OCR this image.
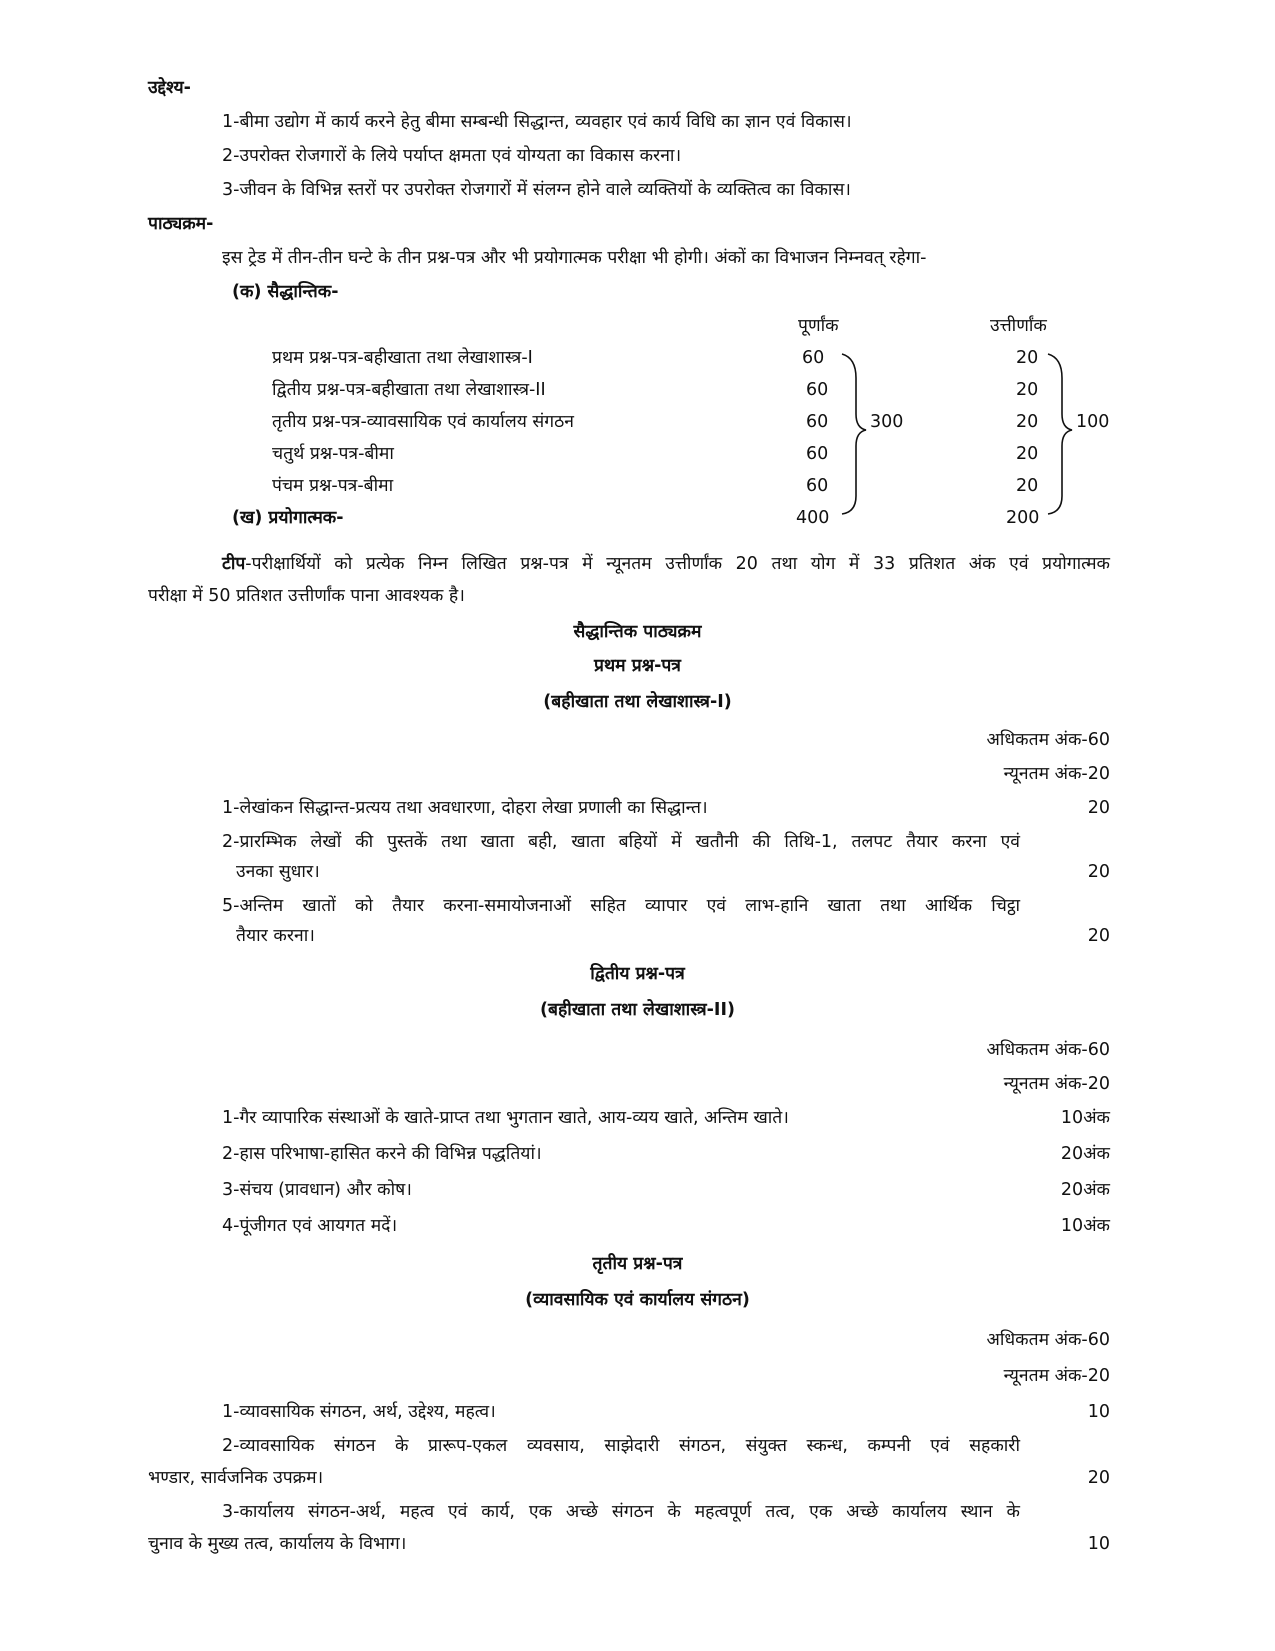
उद्देश्य-
1-बीमा उद्योग में कार्य करने हेतु बीमा सम्बन्धी सिद्धान्त, व्यवहार एवं कार्य विधि का ज्ञान एवं विकास।
2-उपरोक्त रोजगारों के लिये पर्याप्त क्षमता एवं योग्यता का विकास करना।
3-जीवन के विभिन्न स्तरों पर उपरोक्त रोजगारों में संलग्न होने वाले व्यक्तियों के व्यक्तित्व का विकास।
पाठ्यक्रम-
इस ट्रेड में तीन-तीन घन्टे के तीन प्रश्न-पत्र और भी प्रयोगात्मक परीक्षा भी होगी। अंकों का विभाजन निम्नवत् रहेगा-
(क) सैद्धान्तिक-
पूर्णांक	उत्तीर्णांक
प्रथम प्रश्न-पत्र-बहीखाता तथा लेखाशास्त्र-I	60	20
द्वितीय प्रश्न-पत्र-बहीखाता तथा लेखाशास्त्र-II	60	20
तृतीय प्रश्न-पत्र-व्यावसायिक एवं कार्यालय संगठन	60	20
चतुर्थ प्रश्न-पत्र-बीमा	60	20
पंचम प्रश्न-पत्र-बीमा	60	20
300	100
(ख) प्रयोगात्मक-	400	200
टीप-परीक्षार्थियों को प्रत्येक निम्न लिखित प्रश्न-पत्र में न्यूनतम उत्तीर्णांक 20 तथा योग में 33 प्रतिशत अंक एवं प्रयोगात्मक
परीक्षा में 50 प्रतिशत उत्तीर्णांक पाना आवश्यक है।
सैद्धान्तिक पाठ्यक्रम
प्रथम प्रश्न-पत्र
(बहीखाता तथा लेखाशास्त्र-I)
अधिकतम अंक-60
न्यूनतम अंक-20
1-लेखांकन सिद्धान्त-प्रत्यय तथा अवधारणा, दोहरा लेखा प्रणाली का सिद्धान्त।	20
2-प्रारम्भिक लेखों की पुस्तकें तथा खाता बही, खाता बहियों में खतौनी की तिथि-1, तलपट तैयार करना एवं
उनका सुधार।	20
5-अन्तिम खातों को तैयार करना-समायोजनाओं सहित व्यापार एवं लाभ-हानि खाता तथा आर्थिक चिट्ठा
तैयार करना।	20
द्वितीय प्रश्न-पत्र
(बहीखाता तथा लेखाशास्त्र-II)
अधिकतम अंक-60
न्यूनतम अंक-20
1-गैर व्यापारिक संस्थाओं के खाते-प्राप्त तथा भुगतान खाते, आय-व्यय खाते, अन्तिम खाते।	10अंक
2-हास परिभाषा-हासित करने की विभिन्न पद्धतियां।	20अंक
3-संचय (प्रावधान) और कोष।	20अंक
4-पूंजीगत एवं आयगत मदें।	10अंक
तृतीय प्रश्न-पत्र
(व्यावसायिक एवं कार्यालय संगठन)
अधिकतम अंक-60
न्यूनतम अंक-20
1-व्यावसायिक संगठन, अर्थ, उद्देश्य, महत्व।	10
2-व्यावसायिक संगठन के प्रारूप-एकल व्यवसाय, साझेदारी संगठन, संयुक्त स्कन्ध, कम्पनी एवं सहकारी
भण्डार, सार्वजनिक उपक्रम।	20
3-कार्यालय संगठन-अर्थ, महत्व एवं कार्य, एक अच्छे संगठन के महत्वपूर्ण तत्व, एक अच्छे कार्यालय स्थान के
चुनाव के मुख्य तत्व, कार्यालय के विभाग।	10
